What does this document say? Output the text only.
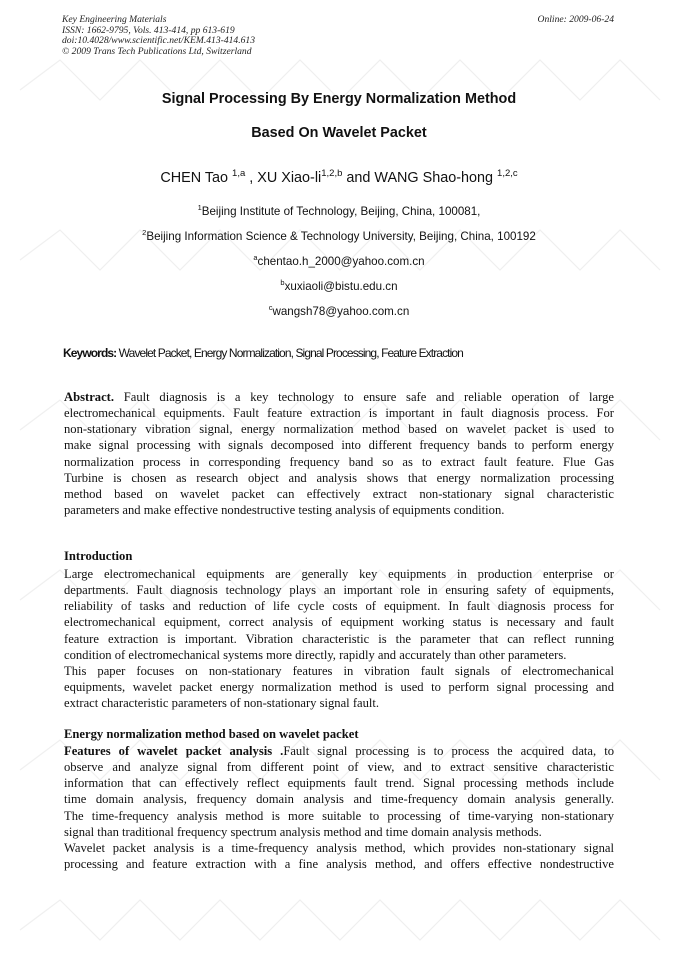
Key Engineering Materials
ISSN: 1662-9795, Vols. 413-414, pp 613-619
doi:10.4028/www.scientific.net/KEM.413-414.613
© 2009 Trans Tech Publications Ltd, Switzerland
Online: 2009-06-24
Signal Processing By Energy Normalization Method
Based On Wavelet Packet
CHEN Tao $^{1,a}$ , XU Xiao-li$^{1,2,b}$ and WANG Shao-hong $^{1,2,c}$
$^1$Beijing Institute of Technology, Beijing, China, 100081,
$^2$Beijing Information Science & Technology University, Beijing, China, 100192
$^a$chentao.h_2000@yahoo.com.cn
$^b$xuxiaoli@bistu.edu.cn
$^c$wangsh78@yahoo.com.cn
Keywords: Wavelet Packet, Energy Normalization, Signal Processing, Feature Extraction
Abstract. Fault diagnosis is a key technology to ensure safe and reliable operation of large
electromechanical equipments. Fault feature extraction is important in fault diagnosis process. For
non-stationary vibration signal, energy normalization method based on wavelet packet is used to
make signal processing with signals decomposed into different frequency bands to perform energy
normalization process in corresponding frequency band so as to extract fault feature. Flue Gas
Turbine is chosen as research object and analysis shows that energy normalization processing
method based on wavelet packet can effectively extract non-stationary signal characteristic
parameters and make effective nondestructive testing analysis of equipments condition.
Introduction
Large electromechanical equipments are generally key equipments in production enterprise or
departments. Fault diagnosis technology plays an important role in ensuring safety of equipments,
reliability of tasks and reduction of life cycle costs of equipment. In fault diagnosis process for
electromechanical equipment, correct analysis of equipment working status is necessary and fault
feature extraction is important. Vibration characteristic is the parameter that can reflect running
condition of electromechanical systems more directly, rapidly and accurately than other parameters.
This paper focuses on non-stationary features in vibration fault signals of electromechanical
equipments, wavelet packet energy normalization method is used to perform signal processing and
extract characteristic parameters of non-stationary signal fault.
Energy normalization method based on wavelet packet
Features of wavelet packet analysis .Fault signal processing is to process the acquired data, to
observe and analyze signal from different point of view, and to extract sensitive characteristic
information that can effectively reflect equipments fault trend. Signal processing methods include
time domain analysis, frequency domain analysis and time-frequency domain analysis generally.
The time-frequency analysis method is more suitable to processing of time-varying non-stationary
signal than traditional frequency spectrum analysis method and time domain analysis methods.
Wavelet packet analysis is a time-frequency analysis method, which provides non-stationary signal
processing and feature extraction with a fine analysis method, and offers effective nondestructive
